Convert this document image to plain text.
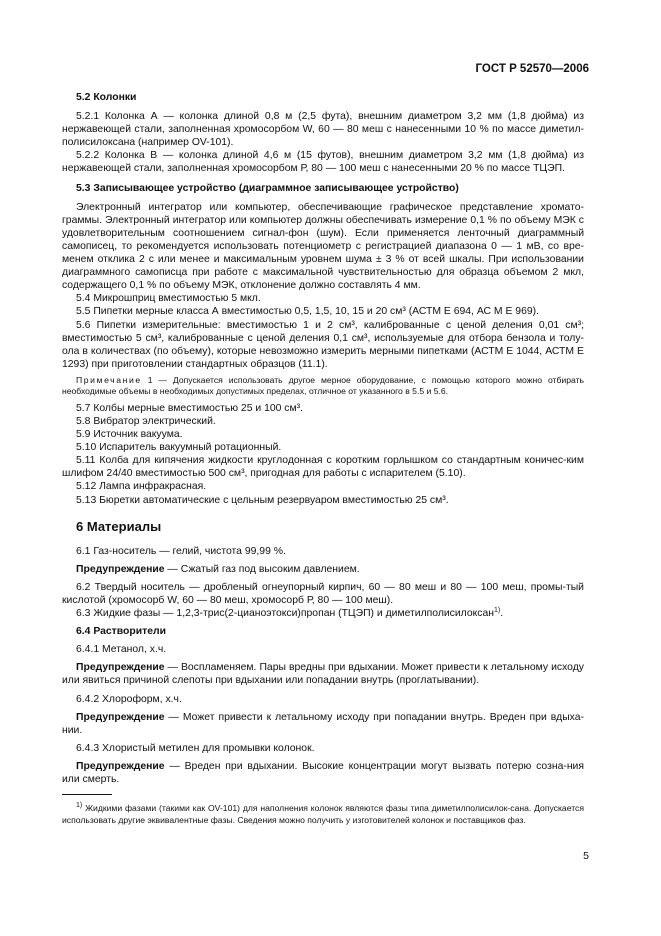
ГОСТ Р 52570—2006

5.2 Колонки

5.2.1 Колонка А — колонка длиной 0,8 м (2,5 фута), внешним диаметром 3,2 мм (1,8 дюйма) из нержавеющей стали, заполненная хромосорбом W, 60 — 80 меш с нанесенными 10 % по массе диметил-полисилоксана (например OV-101).

5.2.2 Колонка В — колонка длиной 4,6 м (15 футов), внешним диаметром 3,2 мм (1,8 дюйма) из нержавеющей стали, заполненная хромосорбом Р, 80 — 100 меш с нанесенными 20 % по массе ТЦЭП.

5.3 Записывающее устройство (диаграммное записывающее устройство)

Электронный интегратор или компьютер, обеспечивающие графическое представление хромато-граммы. Электронный интегратор или компьютер должны обеспечивать измерение 0,1 % по объему МЭК с удовлетворительным соотношением сигнал-фон (шум). Если применяется ленточный диаграммный самописец, то рекомендуется использовать потенциометр с регистрацией диапазона 0 — 1 мВ, со вре-менем отклика 2 с или менее и максимальным уровнем шума ± 3 % от всей шкалы. При использовании диаграммного самописца при работе с максимальной чувствительностью для образца объемом 2 мкл, содержащего 0,1 % по объему МЭК, отклонение должно составлять 4 мм.

5.4 Микрошприц вместимостью 5 мкл.

5.5 Пипетки мерные класса А вместимостью 0,5, 1,5, 10, 15 и 20 см³ (АСТМ Е 694, АС М Е 969).

5.6 Пипетки измерительные: вместимостью 1 и 2 см³, калиброванные с ценой деления 0,01 см³; вместимостью 5 см³, калиброванные с ценой деления 0,1 см³, используемые для отбора бензола и толу-ола в количествах (по объему), которые невозможно измерить мерными пипетками (АСТМ Е 1044, АСТМ Е 1293) при приготовлении стандартных образцов (11.1).

Примечание 1 — Допускается использовать другое мерное оборудование, с помощью которого можно отбирать необходимые объемы в необходимых допустимых пределах, отличное от указанного в 5.5 и 5.6.

5.7 Колбы мерные вместимостью 25 и 100 см³.

5.8 Вибратор электрический.

5.9 Источник вакуума.

5.10 Испаритель вакуумный ротационный.

5.11 Колба для кипячения жидкости круглодонная с коротким горлышком со стандартным коничес-ким шлифом 24/40 вместимостью 500 см³, пригодная для работы с испарителем (5.10).

5.12 Лампа инфракрасная.

5.13 Бюретки автоматические с цельным резервуаром вместимостью 25 см³.

6 Материалы

6.1 Газ-носитель — гелий, чистота 99,99 %.

Предупреждение — Сжатый газ под высоким давлением.

6.2 Твердый носитель — дробленый огнеупорный кирпич, 60 — 80 меш и 80 — 100 меш, промы-тый кислотой (хромосорб W, 60 — 80 меш, хромосорб Р, 80 — 100 меш).

6.3 Жидкие фазы — 1,2,3-трис(2-цианоэтокси)пропан (ТЦЭП) и диметилполисилоксан$^{1)}$.

6.4 Растворители

6.4.1 Метанол, х.ч.

Предупреждение — Воспламеняем. Пары вредны при вдыхании. Может привести к летальному исходу или явиться причиной слепоты при вдыхании или попадании внутрь (проглатывании).

6.4.2 Хлороформ, х.ч.

Предупреждение — Может привести к летальному исходу при попадании внутрь. Вреден при вдыха-нии.

6.4.3 Хлористый метилен для промывки колонок.

Предупреждение — Вреден при вдыхании. Высокие концентрации могут вызвать потерю созна-ния или смерть.

$^{1)}$ Жидкими фазами (такими как OV-101) для наполнения колонок являются фазы типа диметилполисилок-сана. Допускается использовать другие эквивалентные фазы. Сведения можно получить у изготовителей колонок и поставщиков фаз.

5
